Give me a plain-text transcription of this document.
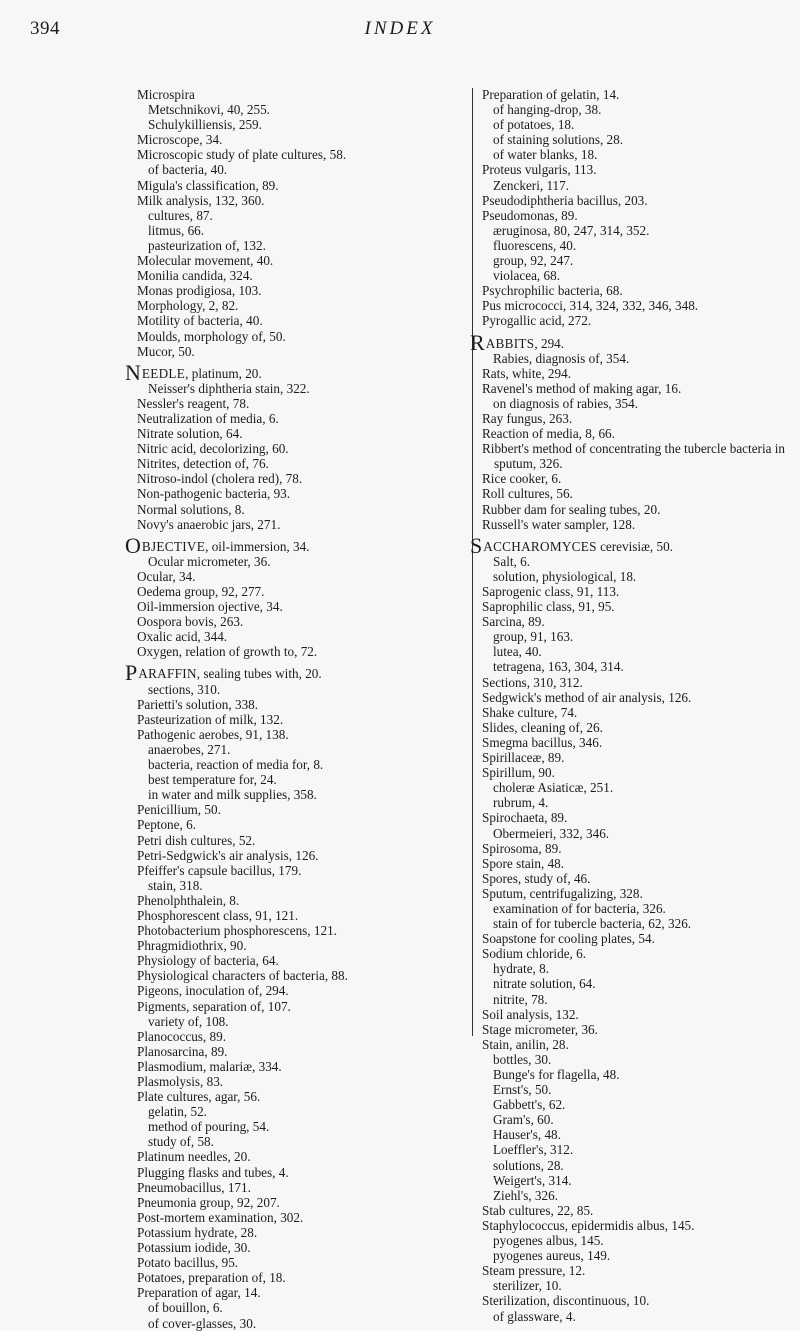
394	INDEX

Microspira

Metschnikovi, 40, 255.

Schulykilliensis, 259.

Microscope, 34.

Microscopic study of plate cultures, 58.

of bacteria, 40.

Migula's classification, 89.

Milk analysis, 132, 360.

cultures, 87.

litmus, 66.

pasteurization of, 132.

Molecular movement, 40.

Monilia candida, 324.

Monas prodigiosa, 103.

Morphology, 2, 82.

Motility of bacteria, 40.

Moulds, morphology of, 50.

Mucor, 50.

NEEDLE, platinum, 20.

Neisser's diphtheria stain, 322.

Nessler's reagent, 78.

Neutralization of media, 6.

Nitrate solution, 64.

Nitric acid, decolorizing, 60.

Nitrites, detection of, 76.

Nitroso-indol (cholera red), 78.

Non-pathogenic bacteria, 93.

Normal solutions, 8.

Novy's anaerobic jars, 271.

OBJECTIVE, oil-immersion, 34.

Ocular micrometer, 36.

Ocular, 34.

Oedema group, 92, 277.

Oil-immersion ojective, 34.

Oospora bovis, 263.

Oxalic acid, 344.

Oxygen, relation of growth to, 72.

PARAFFIN, sealing tubes with, 20.

sections, 310.

Parietti's solution, 338.

Pasteurization of milk, 132.

Pathogenic aerobes, 91, 138.

anaerobes, 271.

bacteria, reaction of media for, 8.

best temperature for, 24.

in water and milk supplies, 358.

Penicillium, 50.

Peptone, 6.

Petri dish cultures, 52.

Petri-Sedgwick's air analysis, 126.

Pfeiffer's capsule bacillus, 179.

stain, 318.

Phenolphthalein, 8.

Phosphorescent class, 91, 121.

Photobacterium phosphorescens, 121.

Phragmidiothrix, 90.

Physiology of bacteria, 64.

Physiological characters of bacteria, 88.

Pigeons, inoculation of, 294.

Pigments, separation of, 107.

variety of, 108.

Planococcus, 89.

Planosarcina, 89.

Plasmodium, malariæ, 334.

Plasmolysis, 83.

Plate cultures, agar, 56.

gelatin, 52.

method of pouring, 54.

study of, 58.

Platinum needles, 20.

Plugging flasks and tubes, 4.

Pneumobacillus, 171.

Pneumonia group, 92, 207.

Post-mortem examination, 302.

Potassium hydrate, 28.

Potassium iodide, 30.

Potato bacillus, 95.

Potatoes, preparation of, 18.

Preparation of agar, 14.

of bouillon, 6.

of cover-glasses, 30.

Preparation of gelatin, 14.

of hanging-drop, 38.

of potatoes, 18.

of staining solutions, 28.

of water blanks, 18.

Proteus vulgaris, 113.

Zenckeri, 117.

Pseudodiphtheria bacillus, 203.

Pseudomonas, 89.

æruginosa, 80, 247, 314, 352.

fluorescens, 40.

group, 92, 247.

violacea, 68.

Psychrophilic bacteria, 68.

Pus micrococci, 314, 324, 332, 346, 348.

Pyrogallic acid, 272.

RABBITS, 294.

Rabies, diagnosis of, 354.

Rats, white, 294.

Ravenel's method of making agar, 16.

on diagnosis of rabies, 354.

Ray fungus, 263.

Reaction of media, 8, 66.

Ribbert's method of concentrating the tubercle bacteria in sputum, 326.

Rice cooker, 6.

Roll cultures, 56.

Rubber dam for sealing tubes, 20.

Russell's water sampler, 128.

SACCHAROMYCES cerevisiæ, 50.

Salt, 6.

solution, physiological, 18.

Saprogenic class, 91, 113.

Saprophilic class, 91, 95.

Sarcina, 89.

group, 91, 163.

lutea, 40.

tetragena, 163, 304, 314.

Sections, 310, 312.

Sedgwick's method of air analysis, 126.

Shake culture, 74.

Slides, cleaning of, 26.

Smegma bacillus, 346.

Spirillaceæ, 89.

Spirillum, 90.

choleræ Asiaticæ, 251.

rubrum, 4.

Spirochaeta, 89.

Obermeieri, 332, 346.

Spirosoma, 89.

Spore stain, 48.

Spores, study of, 46.

Sputum, centrifugalizing, 328.

examination of for bacteria, 326.

stain of for tubercle bacteria, 62, 326.

Soapstone for cooling plates, 54.

Sodium chloride, 6.

hydrate, 8.

nitrate solution, 64.

nitrite, 78.

Soil analysis, 132.

Stage micrometer, 36.

Stain, anilin, 28.

bottles, 30.

Bunge's for flagella, 48.

Ernst's, 50.

Gabbett's, 62.

Gram's, 60.

Hauser's, 48.

Loeffler's, 312.

solutions, 28.

Weigert's, 314.

Ziehl's, 326.

Stab cultures, 22, 85.

Staphylococcus, epidermidis albus, 145.

pyogenes albus, 145.

pyogenes aureus, 149.

Steam pressure, 12.

sterilizer, 10.

Sterilization, discontinuous, 10.

of glassware, 4.
